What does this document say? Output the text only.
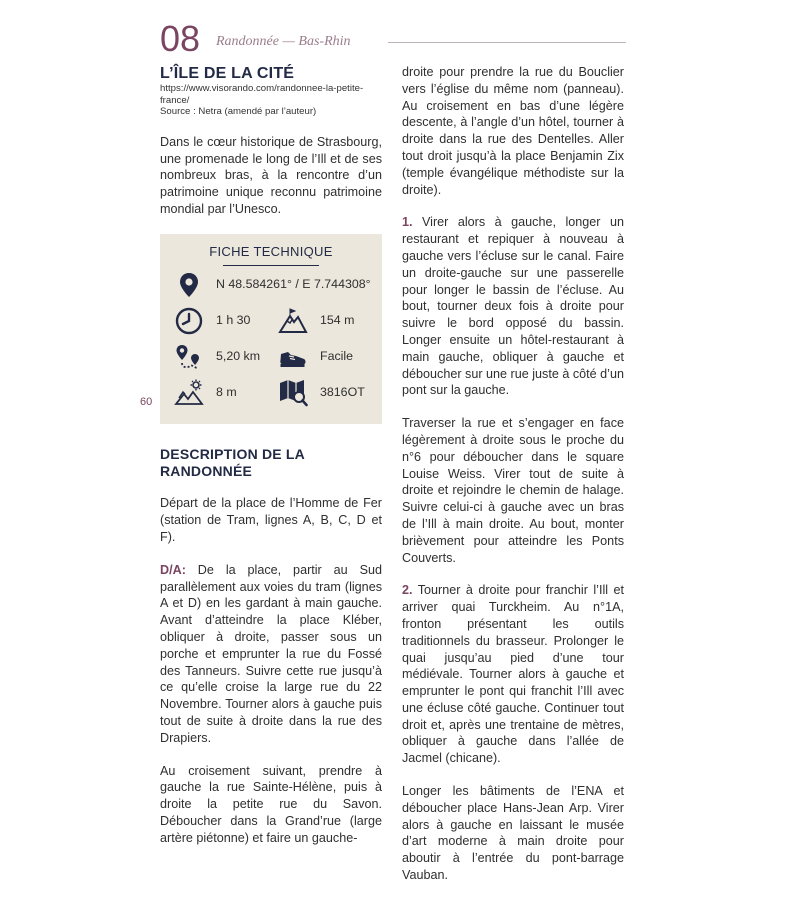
08 Randonnée — Bas-Rhin
60
L’ÎLE DE LA CITÉ

https://www.visorando.com/randonnee-la-petite-france/
Source : Netra (amendé par l’auteur)

Dans le cœur historique de Strasbourg, une promenade le long de l’Ill et de ses nombreux bras, à la rencontre d’un patrimoine unique reconnu patrimoine mondial par l’Unesco.

FICHE TECHNIQUE
N 48.584261° / E 7.744308°
1 h 30	154 m
5,20 km	Facile
8 m	3816OT
DESCRIPTION DE LA RANDONNÉE

Départ de la place de l’Homme de Fer (station de Tram, lignes A, B, C, D et F).

D/A: De la place, partir au Sud parallèlement aux voies du tram (lignes A et D) en les gardant à main gauche. Avant d’atteindre la place Kléber, obliquer à droite, passer sous un porche et emprunter la rue du Fossé des Tanneurs. Suivre cette rue jusqu’à ce qu’elle croise la large rue du 22 Novembre. Tourner alors à gauche puis tout de suite à droite dans la rue des Drapiers.

Au croisement suivant, prendre à gauche la rue Sainte-Hélène, puis à droite la petite rue du Savon. Déboucher dans la Grand’rue (large artère piétonne) et faire un gauche-

droite pour prendre la rue du Bouclier vers l’église du même nom (panneau). Au croisement en bas d’une légère descente, à l’angle d’un hôtel, tourner à droite dans la rue des Dentelles. Aller tout droit jusqu’à la place Benjamin Zix (temple évangélique méthodiste sur la droite).

1. Virer alors à gauche, longer un restaurant et repiquer à nouveau à gauche vers l’écluse sur le canal. Faire un droite-gauche sur une passerelle pour longer le bassin de l’écluse. Au bout, tourner deux fois à droite pour suivre le bord opposé du bassin. Longer ensuite un hôtel-restaurant à main gauche, obliquer à gauche et déboucher sur une rue juste à côté d’un pont sur la gauche.

Traverser la rue et s’engager en face légèrement à droite sous le proche du n°6 pour déboucher dans le square Louise Weiss. Virer tout de suite à droite et rejoindre le chemin de halage. Suivre celui-ci à gauche avec un bras de l’Ill à main droite. Au bout, monter brièvement pour atteindre les Ponts Couverts.

2. Tourner à droite pour franchir l’Ill et arriver quai Turckheim. Au n°1A, fronton présentant les outils traditionnels du brasseur. Prolonger le quai jusqu’au pied d’une tour médiévale. Tourner alors à gauche et emprunter le pont qui franchit l’Ill avec une écluse côté gauche. Continuer tout droit et, après une trentaine de mètres, obliquer à gauche dans l’allée de Jacmel (chicane).

Longer les bâtiments de l’ENA et déboucher place Hans-Jean Arp. Virer alors à gauche en laissant le musée d’art moderne à main droite pour aboutir à l’entrée du pont-barrage Vauban.
